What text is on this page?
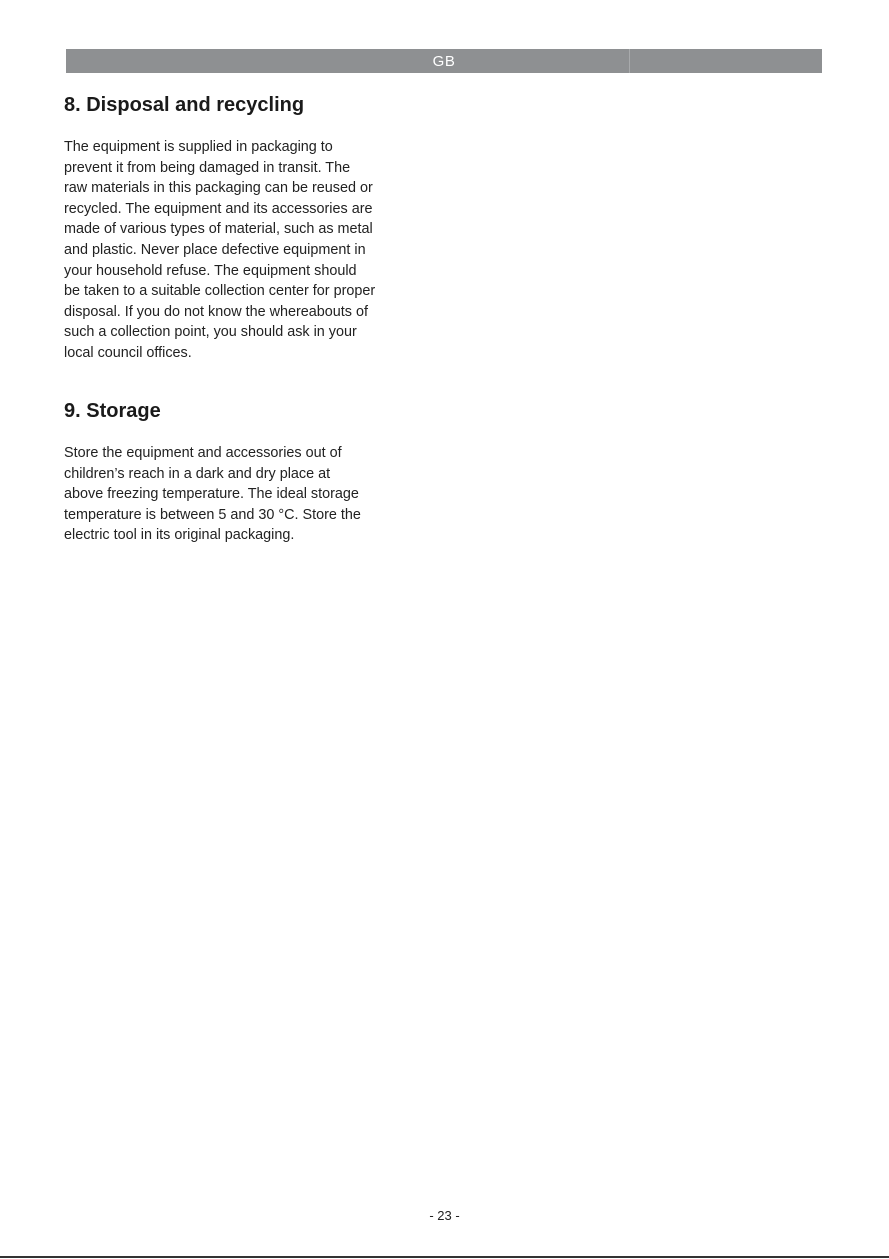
GB
8. Disposal and recycling

The equipment is supplied in packaging to
prevent it from being damaged in transit. The
raw materials in this packaging can be reused or
recycled. The equipment and its accessories are
made of various types of material, such as metal
and plastic. Never place defective equipment in
your household refuse. The equipment should
be taken to a suitable collection center for proper
disposal. If you do not know the whereabouts of
such a collection point, you should ask in your
local council offices.

9. Storage

Store the equipment and accessories out of
children’s reach in a dark and dry place at
above freezing temperature. The ideal storage
temperature is between 5 and 30 °C. Store the
electric tool in its original packaging.

- 23 -
